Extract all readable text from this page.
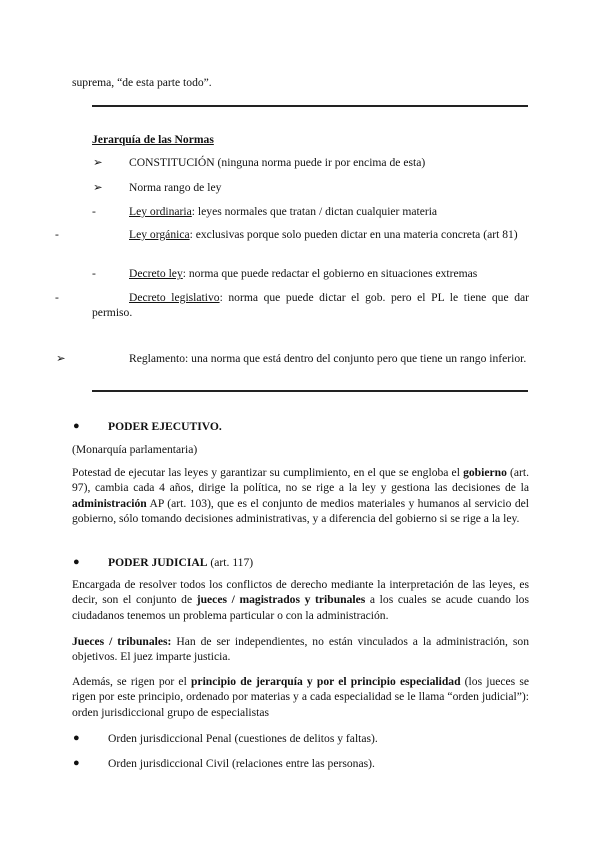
suprema, “de esta parte todo”.

Jerarquía de las Normas

➢ CONSTITUCIÓN (ninguna norma puede ir por encima de esta)

➢ Norma rango de ley

-	Ley ordinaria: leyes normales que tratan / dictan cualquier materia

-	Ley orgánica: exclusivas porque solo pueden dictar en una materia concreta (art 81)

-	Decreto ley: norma que puede redactar el gobierno en situaciones extremas

-	Decreto legislativo: norma que puede dictar el gob. pero el PL le tiene que dar permiso.

➢	Reglamento: una norma que está dentro del conjunto pero que tiene un rango inferior.

● PODER EJECUTIVO.

(Monarquía parlamentaria)

Potestad de ejecutar las leyes y garantizar su cumplimiento, en el que se engloba el gobierno (art. 97), cambia cada 4 años, dirige la política, no se rige a la ley y gestiona las decisiones de la administración AP (art. 103), que es el conjunto de medios materiales y humanos al servicio del gobierno, sólo tomando decisiones administrativas, y a diferencia del gobierno si se rige a la ley.

● PODER JUDICIAL (art. 117)

Encargada de resolver todos los conflictos de derecho mediante la interpretación de las leyes, es decir, son el conjunto de jueces / magistrados y tribunales a los cuales se acude cuando los ciudadanos tenemos un problema particular o con la administración.

Jueces / tribunales: Han de ser independientes, no están vinculados a la administración, son objetivos. El juez imparte justicia.

Además, se rigen por el principio de jerarquía y por el principio especialidad (los jueces se rigen por este principio, ordenado por materias y a cada especialidad se le llama “orden judicial”): orden jurisdiccional grupo de especialistas

● Orden jurisdiccional Penal (cuestiones de delitos y faltas).

● Orden jurisdiccional Civil (relaciones entre las personas).
